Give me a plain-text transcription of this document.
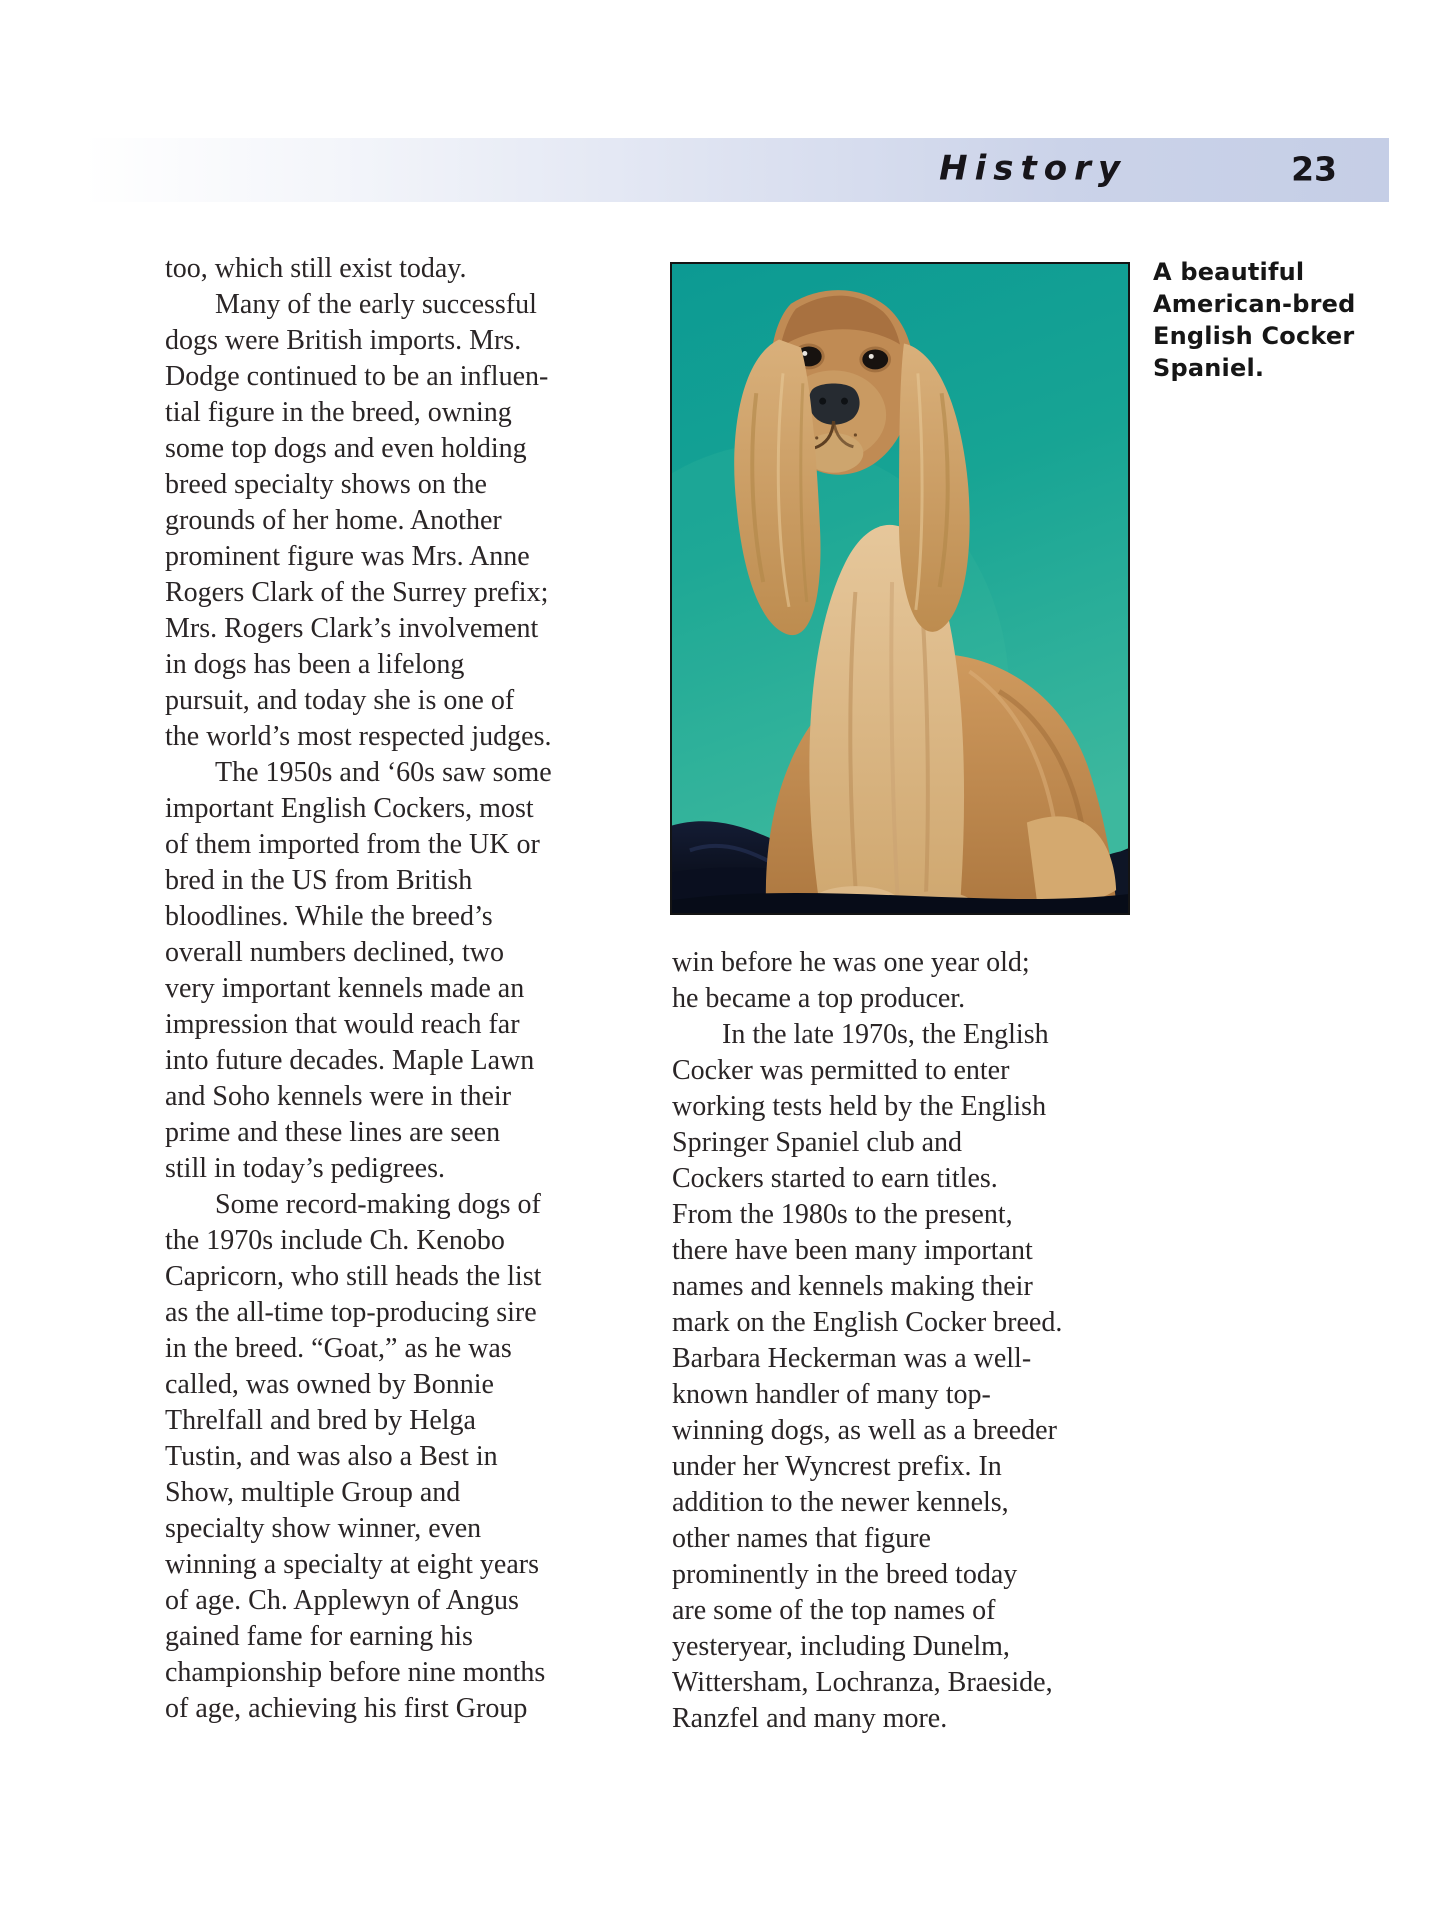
History	23
too, which still exist today.
Many of the early successful
dogs were British imports. Mrs.
Dodge continued to be an influen-
tial figure in the breed, owning
some top dogs and even holding
breed specialty shows on the
grounds of her home. Another
prominent figure was Mrs. Anne
Rogers Clark of the Surrey prefix;
Mrs. Rogers Clark’s involvement
in dogs has been a lifelong
pursuit, and today she is one of
the world’s most respected judges.
The 1950s and ‘60s saw some
important English Cockers, most
of them imported from the UK or
bred in the US from British
bloodlines. While the breed’s
overall numbers declined, two
very important kennels made an
impression that would reach far
into future decades. Maple Lawn
and Soho kennels were in their
prime and these lines are seen
still in today’s pedigrees.
Some record-making dogs of
the 1970s include Ch. Kenobo
Capricorn, who still heads the list
as the all-time top-producing sire
in the breed. “Goat,” as he was
called, was owned by Bonnie
Threlfall and bred by Helga
Tustin, and was also a Best in
Show, multiple Group and
specialty show winner, even
winning a specialty at eight years
of age. Ch. Applewyn of Angus
gained fame for earning his
championship before nine months
of age, achieving his first Group
A beautiful
American-bred
English Cocker
Spaniel.
win before he was one year old;
he became a top producer.
In the late 1970s, the English
Cocker was permitted to enter
working tests held by the English
Springer Spaniel club and
Cockers started to earn titles.
From the 1980s to the present,
there have been many important
names and kennels making their
mark on the English Cocker breed.
Barbara Heckerman was a well-
known handler of many top-
winning dogs, as well as a breeder
under her Wyncrest prefix. In
addition to the newer kennels,
other names that figure
prominently in the breed today
are some of the top names of
yesteryear, including Dunelm,
Wittersham, Lochranza, Braeside,
Ranzfel and many more.
